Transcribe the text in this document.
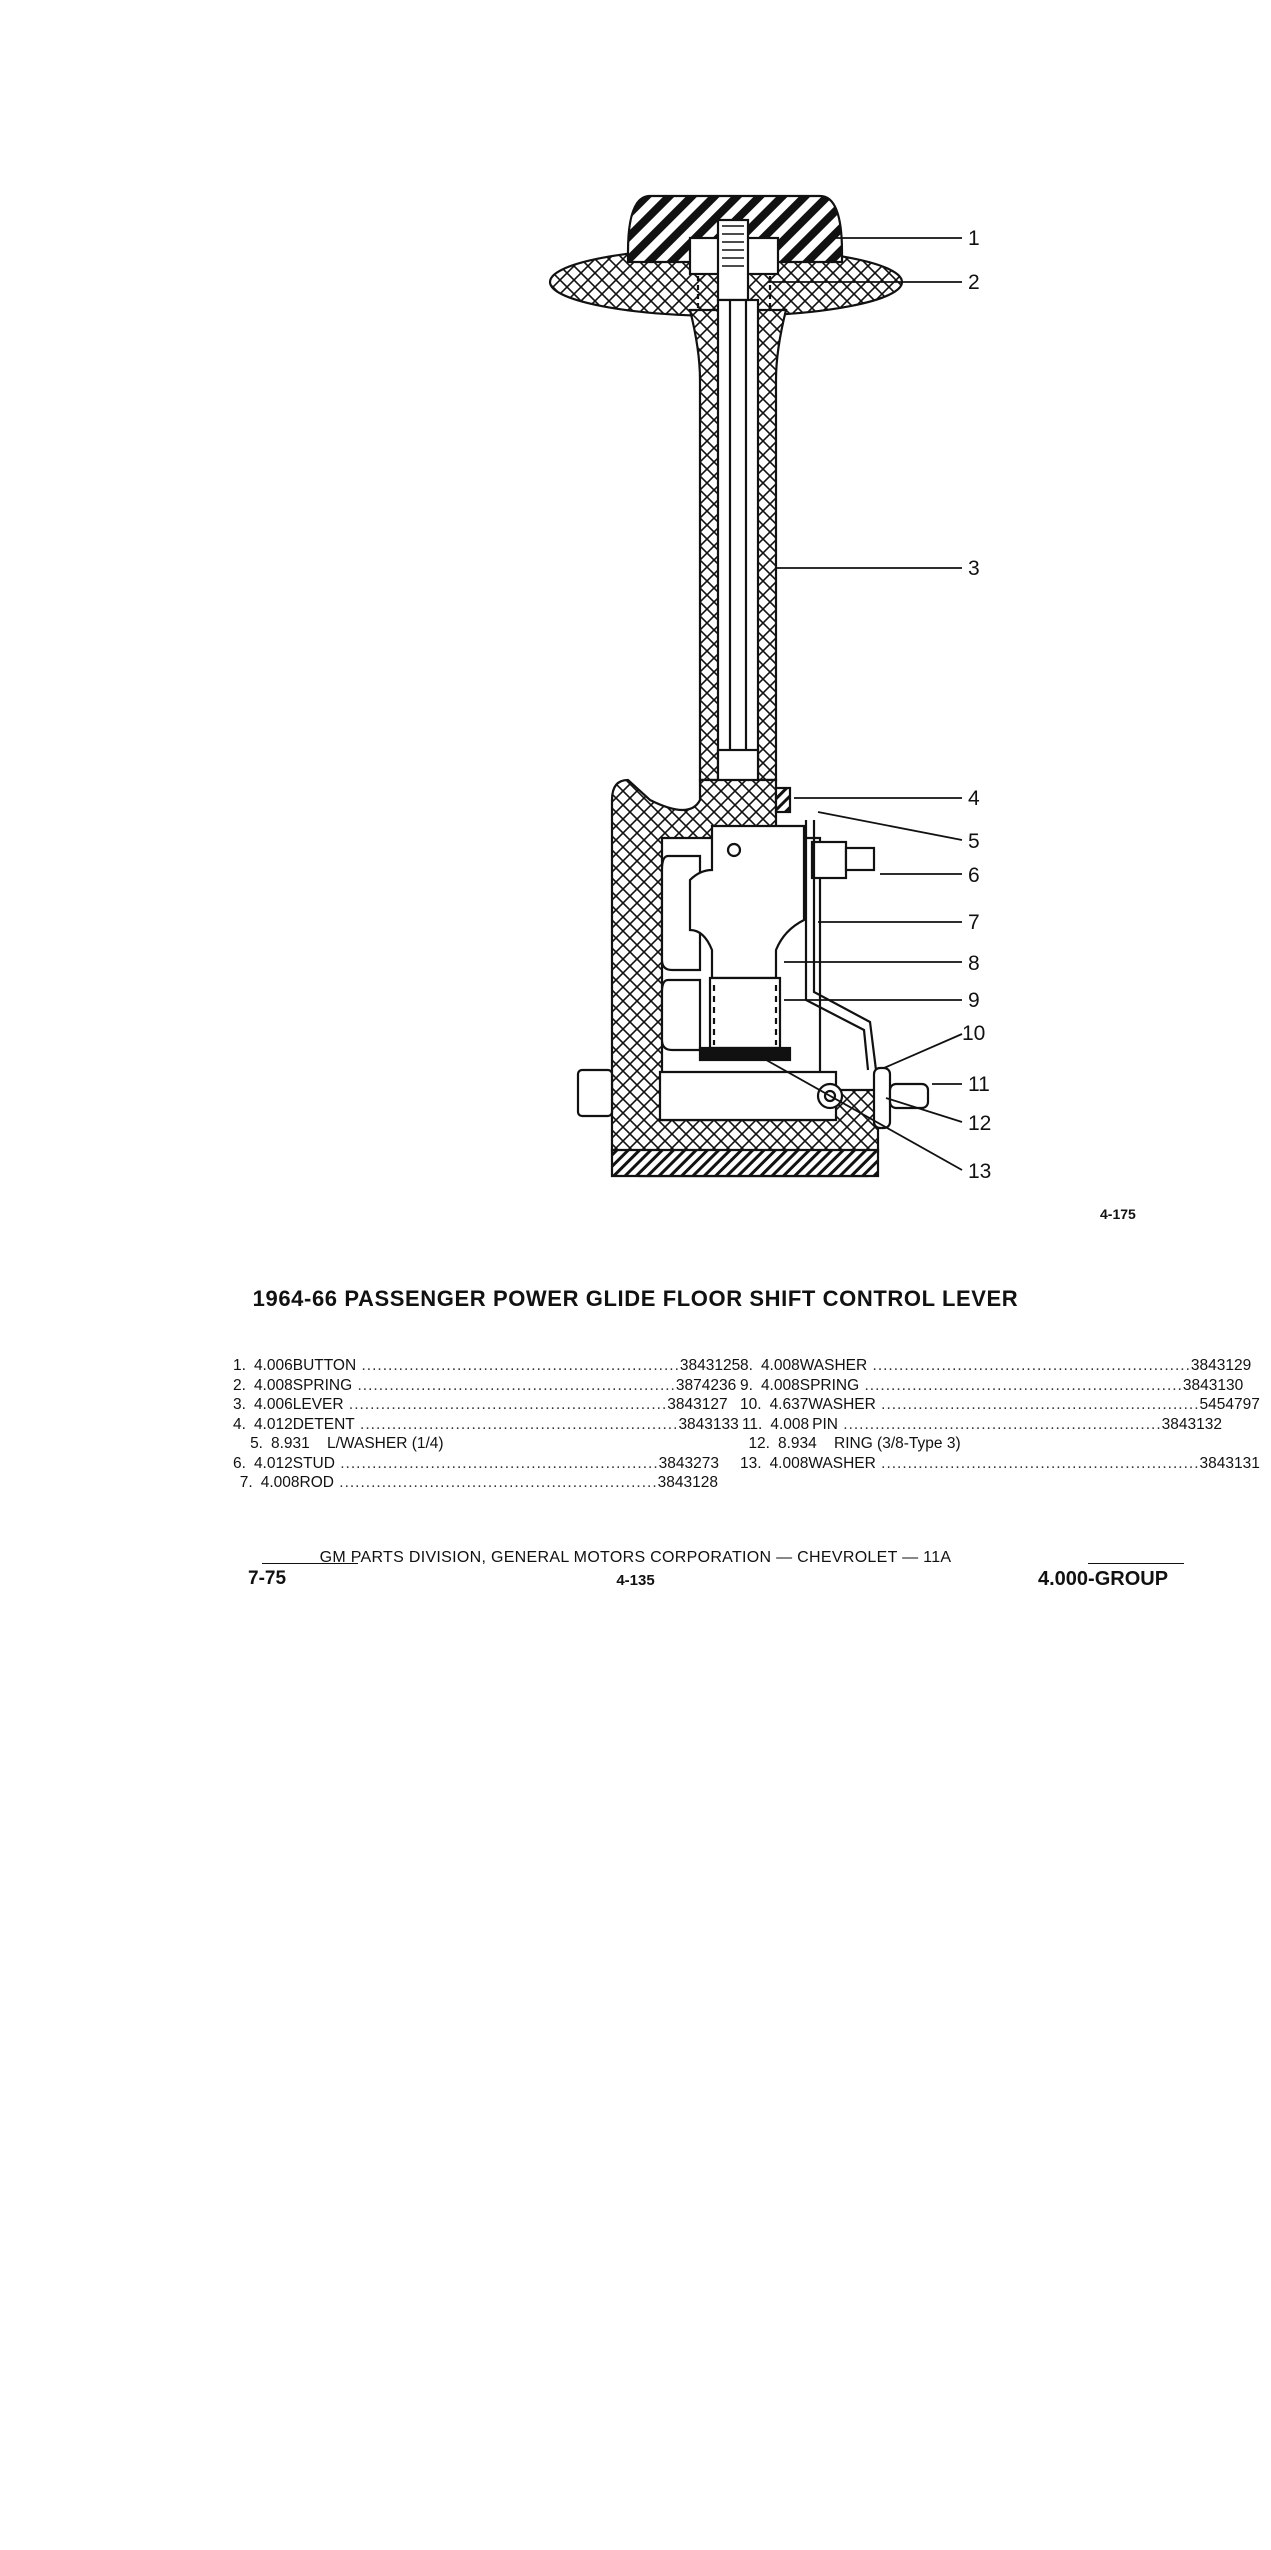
1
2
3
4
5
6
7
8
9
10
11
12
13
4-175
1964-66 PASSENGER POWER GLIDE FLOOR SHIFT CONTROL LEVER
1. 4.006 BUTTON ............................................................ 3843125
2. 4.008 SPRING ............................................................ 3874236
3. 4.006 LEVER ............................................................ 3843127
4. 4.012 DETENT ............................................................ 3843133
5. 8.931	L/WASHER (1/4)
6. 4.012 STUD ............................................................ 3843273
7. 4.008 ROD ............................................................ 3843128
8. 4.008 WASHER ............................................................ 3843129
9. 4.008 SPRING ............................................................ 3843130
10. 4.637 WASHER ............................................................ 5454797
11. 4.008 PIN ............................................................ 3843132
12. 8.934	RING (3/8-Type 3)
13. 4.008 WASHER ............................................................ 3843131
GM PARTS DIVISION, GENERAL MOTORS CORPORATION — CHEVROLET — 11A
7-75	4-135	4.000-GROUP
